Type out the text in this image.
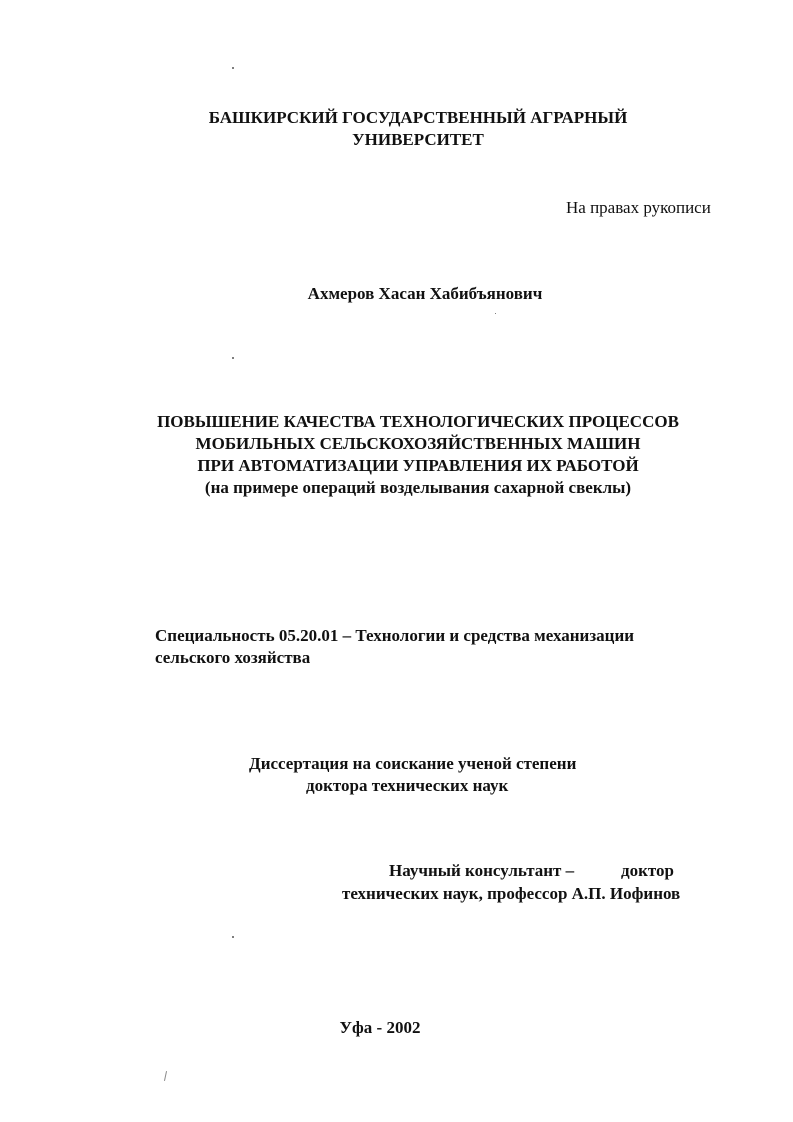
БАШКИРСКИЙ ГОСУДАРСТВЕННЫЙ АГРАРНЫЙ
УНИВЕРСИТЕТ
На правах рукописи
Ахмеров Хасан Хабибъянович
ПОВЫШЕНИЕ КАЧЕСТВА ТЕХНОЛОГИЧЕСКИХ ПРОЦЕССОВ
МОБИЛЬНЫХ СЕЛЬСКОХОЗЯЙСТВЕННЫХ МАШИН
ПРИ АВТОМАТИЗАЦИИ УПРАВЛЕНИЯ ИХ РАБОТОЙ
(на примере операций возделывания сахарной свеклы)
Специальность 05.20.01 – Технологии и средства механизации
сельского хозяйства
Диссертация на соискание ученой степени
доктора технических наук
Научный консультант –	доктор
технических наук, профессор А.П. Иофинов
Уфа - 2002
